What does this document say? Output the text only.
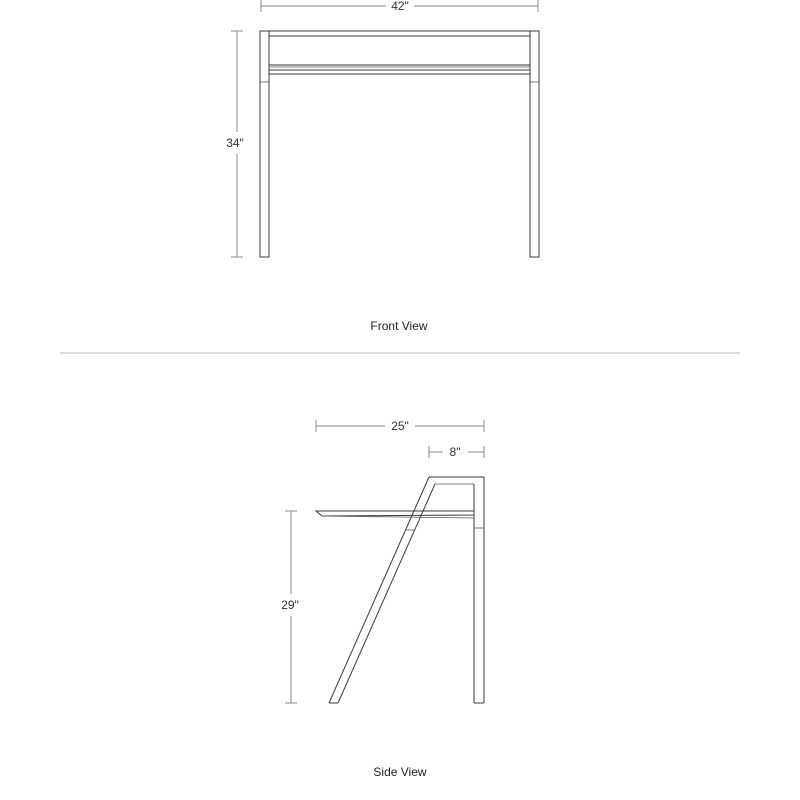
42"
34"
Front View
25"
8"
29"
Side View
